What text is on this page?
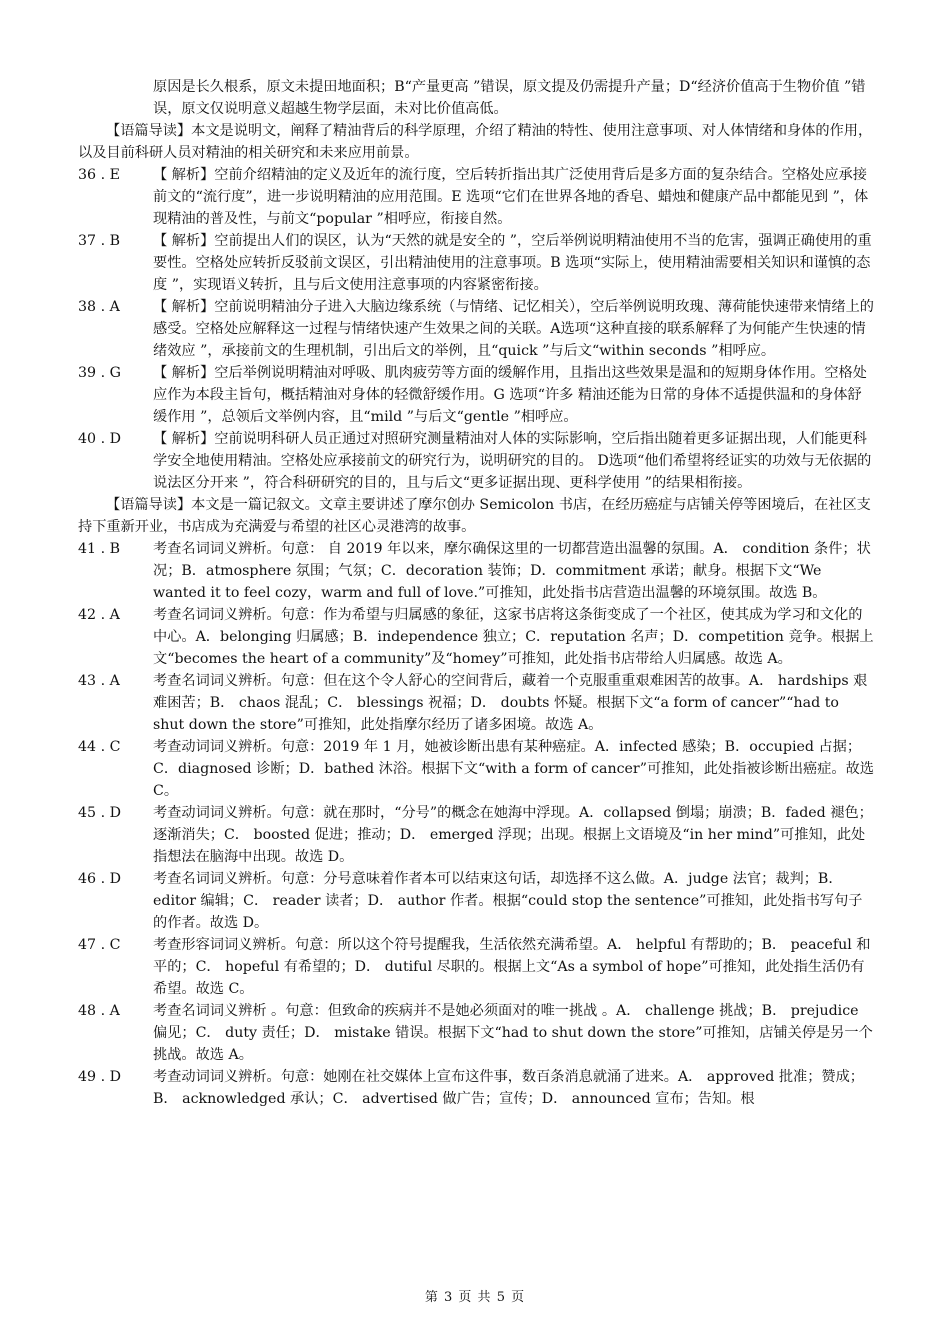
原因是长久根系，原文未提田地面积；B“产量更高 ”错误，原文提及仍需提升产量；D“经济价值高于生物价值 ”错误，原文仅说明意义超越生物学层面，未对比价值高低。

【语篇导读】本文是说明文，阐释了精油背后的科学原理，介绍了精油的特性、使用注意事项、对人体情绪和身体的作用，以及目前科研人员对精油的相关研究和未来应用前景。

36 . E	【 解析】空前介绍精油的定义及近年的流行度，空后转折指出其广泛使用背后是多方面的复杂结合。空格处应承接前文的“流行度”，进一步说明精油的应用范围。E 选项“它们在世界各地的香皂、蜡烛和健康产品中都能见到 ”，体现精油的普及性，与前文“popular ”相呼应，衔接自然。
37 . B	【 解析】空前提出人们的误区，认为“天然的就是安全的 ”，空后举例说明精油使用不当的危害，强调正确使用的重要性。空格处应转折反驳前文误区，引出精油使用的注意事项。B 选项“实际上，使用精油需要相关知识和谨慎的态度 ”，实现语义转折，且与后文使用注意事项的内容紧密衔接。
38 . A	【 解析】空前说明精油分子进入大脑边缘系统（与情绪、记忆相关），空后举例说明玫瑰、薄荷能快速带来情绪上的感受。空格处应解释这一过程与情绪快速产生效果之间的关联。A选项“这种直接的联系解释了为何能产生快速的情绪效应 ”，承接前文的生理机制，引出后文的举例，且“quick ”与后文“within seconds ”相呼应。
39 . G	【 解析】空后举例说明精油对呼吸、肌肉疲劳等方面的缓解作用，且指出这些效果是温和的短期身体作用。空格处应作为本段主旨句，概括精油对身体的轻微舒缓作用。G 选项“许多 精油还能为日常的身体不适提供温和的身体舒缓作用 ”，总领后文举例内容，且“mild ”与后文“gentle ”相呼应。
40 . D	【 解析】空前说明科研人员正通过对照研究测量精油对人体的实际影响，空后指出随着更多证据出现，人们能更科学安全地使用精油。空格处应承接前文的研究行为，说明研究的目的。 D选项“他们希望将经证实的功效与无依据的说法区分开来 ”，符合科研研究的目的，且与后文“更多证据出现、更科学使用 ”的结果相衔接。

【语篇导读】本文是一篇记叙文。文章主要讲述了摩尔创办 Semicolon 书店，在经历癌症与店铺关停等困境后，在社区支持下重新开业，书店成为充满爱与希望的社区心灵港湾的故事。

41 . B	考查名词词义辨析。句意： 自 2019 年以来，摩尔确保这里的一切都营造出温馨的氛围。A． condition 条件；状况；B．atmosphere 氛围；气氛；C．decoration 装饰；D．commitment 承诺；献身。根据下文“We wanted it to feel cozy，warm and full of love.”可推知，此处指书店营造出温馨的环境氛围。故选 B。
42 . A	考查名词词义辨析。句意：作为希望与归属感的象征，这家书店将这条街变成了一个社区，使其成为学习和文化的中心。A．belonging 归属感；B．independence 独立；C．reputation 名声；D．competition 竞争。根据上文“becomes the heart of a community”及“homey”可推知，此处指书店带给人归属感。故选 A。
43 . A	考查名词词义辨析。句意：但在这个令人舒心的空间背后，藏着一个克服重重艰难困苦的故事。A． hardships 艰难困苦；B． chaos 混乱；C． blessings 祝福；D． doubts 怀疑。根据下文“a form of cancer”“had to shut down the store”可推知，此处指摩尔经历了诸多困境。故选 A。
44 . C	考查动词词义辨析。句意：2019 年 1 月，她被诊断出患有某种癌症。A．infected 感染；B．occupied 占据；C．diagnosed 诊断；D．bathed 沐浴。根据下文“with a form of cancer”可推知，此处指被诊断出癌症。故选 C。
45 . D	考查动词词义辨析。句意：就在那时，“分号”的概念在她海中浮现。A．collapsed 倒塌；崩溃；B．faded 褪色；逐渐消失；C． boosted 促进；推动；D． emerged 浮现；出现。根据上文语境及“in her mind”可推知，此处指想法在脑海中出现。故选 D。
46 . D	考查名词词义辨析。句意：分号意味着作者本可以结束这句话，却选择不这么做。A．judge 法官；裁判；B． editor 编辑；C． reader 读者；D． author 作者。根据“could stop the sentence”可推知，此处指书写句子的作者。故选 D。
47 . C	考查形容词词义辨析。句意：所以这个符号提醒我，生活依然充满希望。A． helpful 有帮助的；B． peaceful 和平的；C． hopeful 有希望的；D． dutiful 尽职的。根据上文“As a symbol of hope”可推知，此处指生活仍有希望。故选 C。
48 . A	考查名词词义辨析 。句意：但致命的疾病并不是她必须面对的唯一挑战 。A． challenge 挑战；B． prejudice 偏见；C． duty 责任；D． mistake 错误。根据下文“had to shut down the store”可推知，店铺关停是另一个挑战。故选 A。
49 . D	考查动词词义辨析。句意：她刚在社交媒体上宣布这件事，数百条消息就涌了进来。A． approved 批准；赞成；B． acknowledged 承认；C． advertised 做广告；宣传；D． announced 宣布；告知。根
第 3 页 共 5 页
